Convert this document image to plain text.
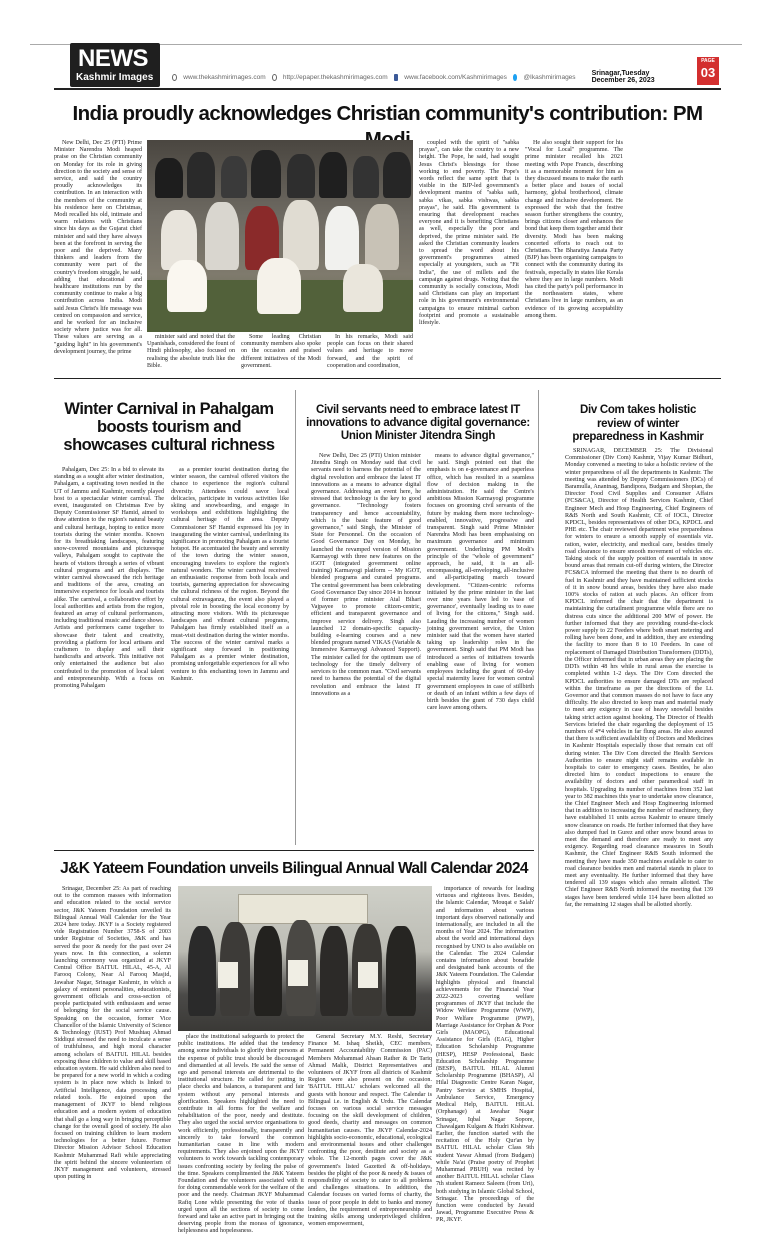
NEWS
Kashmir Images	www.thekashmirimages.com	http://epaper.thekashmirimages.com	www.facebook.com/Kashmirimages	@Ikashmirimages Srinagar,Tuesday December 26, 2023
PAGE
03
India proudly acknowledges Christian community's contribution: PM

New Delhi, Dec 25 (PTI) Prime Minister Narendra Modi heaped praise on the Christian community on Monday for its role in giving direction to the society and sense of service, and said the country proudly acknowledges its contribution. In an interaction with the members of the community at his residence here on Christmas, Modi recalled his old, intimate and warm relations with Christians since his days as the Gujarat chief minister and said they have always been at the forefront in serving the poor and the deprived. Many thinkers and leaders from the community were part of the country's freedom struggle, he said, adding that educational and healthcare institutions run by the community continue to make a big contribution across India. Modi said Jesus Christ's life message was centred on compassion and service, and he worked for an inclusive society where justice was for all. These values are serving as a "guiding light" in his government's development journey, the prime

minister said and noted that the Upanishads, considered the fount of Hindi philosophy, also focused on realising the absolute truth like the Bible.

Some leading Christian community members also spoke on the occasion and praised different initiatives of the Modi government.

In his remarks, Modi said people can focus on their shared values and heritage to move forward, and the spirit of cooperation and coordination,

coupled with the spirit of "sabka prayas", can take the country to a new height. The Pope, he said, had sought Jesus Christ's blessings for those working to end poverty. The Pope's words reflect the same spirit that is visible in the BJP-led government's development mantra of "sabka sath, sabka vikas, sabka vishwas, sabka prayas", he said. His government is ensuring that development reaches everyone and it is benefiting Christians as well, especially the poor and deprived, the prime minister said. He asked the Christian community leaders to spread the word about his government's programmes aimed especially at youngsters, such as "Fit India", the use of millets and the campaign against drugs. Noting that the community is socially conscious, Modi said Christians can play an important role in his government's environmental campaigns to ensure minimal carbon footprint and promote a sustainable lifestyle.

He also sought their support for his "Vocal for Local" programme. The prime minister recalled his 2021 meeting with Pope Francis, describing it as a memorable moment for him as they discussed means to make the earth a better place and issues of social harmony, global brotherhood, climate change and inclusive development. He expressed the wish that the festive season further strengthens the country, brings citizens closer and enhances the bond that keep them together amid their diversity. Modi has been making concerted efforts to reach out to Christians. The Bharatiya Janata Party (BJP) has been organising campaigns to connect with the community during its festivals, especially in states like Kerala where they are in large numbers. Modi has cited the party's poll performance in the northeastern states, where Christians live in large numbers, as an evidence of its growing acceptability among them.

Winter Carnival in Pahalgam boosts tourism and showcases cultural richness

Pahalgam, Dec 25: In a bid to elevate its standing as a sought after winter destination, Pahalgam, a captivating town nestled in the UT of Jammu and Kashmir, recently played host to a spectacular winter carnival. The event, inaugurated on Christmas Eve by Deputy Commissioner SF Hamid, aimed to draw attention to the region's natural beauty and cultural heritage, hoping to entice more tourists during the winter months. Known for its breathtaking landscapes, featuring snow-covered mountains and picturesque valleys, Pahalgam sought to captivate the hearts of visitors through a series of vibrant cultural programs and art displays. The winter carnival showcased the rich heritage and traditions of the area, creating an immersive experience for locals and tourists alike. The carnival, a collaborative effort by local authorities and artists from the region, featured an array of cultural performances, including traditional music and dance shows. Artists and performers came together to showcase their talent and creativity, providing a platform for local artisans and craftsmen to display and sell their handicrafts and artwork. This initiative not only entertained the audience but also contributed to the promotion of local talent and entrepreneurship. With a focus on promoting Pahalgam

as a premier tourist destination during the winter season, the carnival offered visitors the chance to experience the region's cultural diversity. Attendees could savor local delicacies, participate in various activities like skiing and snowboarding, and engage in workshops and exhibitions highlighting the cultural heritage of the area. Deputy Commissioner SF Hamid expressed his joy in inaugurating the winter carnival, underlining its significance in promoting Pahalgam as a tourist hotspot. He accentuated the beauty and serenity of the town during the winter season, encouraging travelers to explore the region's natural wonders. The winter carnival received an enthusiastic response from both locals and tourists, garnering appreciation for showcasing the cultural richness of the region. Beyond the cultural extravaganza, the event also played a pivotal role in boosting the local economy by attracting more visitors. With its picturesque landscapes and vibrant cultural programs, Pahalgam has firmly established itself as a must-visit destination during the winter months. The success of the winter carnival marks a significant step forward in positioning Pahalgam as a premier winter destination, promising unforgettable experiences for all who venture to this enchanting town in Jammu and Kashmir.

Civil servants need to embrace latest IT innovations to advance digital governance: Union Minister Jitendra Singh

New Delhi, Dec 25 (PTI) Union minister Jitendra Singh on Monday said that civil servants need to harness the potential of the digital revolution and embrace the latest IT innovations as a means to advance digital governance. Addressing an event here, he stressed that technology is the key to good governance. "Technology fosters transparency and hence accountability, which is the basic feature of good governance," said Singh, the Minister of State for Personnel. On the occasion of Good Governance Day on Monday, he launched the revamped version of Mission Karmayogi with three new features on the iGOT (integrated government online training) Karmayogi platform -- My iGOT, blended programs and curated programs. The central government has been celebrating Good Governance Day since 2014 in honour of former prime minister Atal Bihari Vajpayee to promote citizen-centric, efficient and transparent governance and improve service delivery. Singh also launched 12 domain-specific capacity-building e-learning courses and a new blended program named VIKAS (Variable & Immersive Karmayogi Advanced Support). The minister called for the optimum use of technology for the timely delivery of services to the common man. "Civil servants need to harness the potential of the digital revolution and embrace the latest IT innovations as a

means to advance digital governance," he said. Singh pointed out that the emphasis is on e-governance and paperless office, which has resulted in a seamless flow of decision making in the administration. He said the Centre's ambitious Mission Karmayogi programme focuses on grooming civil servants of the future by making them more technology-enabled, innovative, progressive and transparent. Singh said Prime Minister Narendra Modi has been emphasising on maximum governance and minimum government. Underlining PM Modi's principle of the "whole of government" approach, he said, it is an all-encompassing, all-enveloping, all-inclusive and all-participating march toward development. "Citizen-centric reforms initiated by the prime minister in the last over nine years have led to 'ease of governance', eventually leading us to ease of living for the citizens," Singh said. Lauding the increasing number of women joining government service, the Union minister said that the women have started taking up leadership roles in the government. Singh said that PM Modi has introduced a series of initiatives towards enabling ease of living for women employees including the grant of 60-day special maternity leave for women central government employees in case of stillbirth or death of an infant within a few days of birth besides the grant of 730 days child care leave among others.

Div Com takes holistic review of winter preparedness in Kashmir

SRINAGAR, DECEMBER 25: The Divisional Commissioner (Div Com) Kashmir, Vijay Kumar Bidhuri, Monday convened a meeting to take a holistic review of the winter preparedness of all the departments in Kashmir. The meeting was attended by Deputy Commissioners (DCs) of Baramulla, Anantnag, Bandipora, Budgam and Shopian, the Director Food Civil Supplies and Consumer Affairs (FCS&CA), Director of Health Services Kashmir, Chief Engineer Mech and Hosp Engineering, Chief Engineers of R&B North and South Kashmir, CE of IOCL, Director KPDCL, besides representatives of other DCs, KPDCL and PHE etc. The chair reviewed department wise preparedness for winters to ensure a smooth supply of essentials viz. ration, water, electricity, and medical care, besides timely road clearance to ensure smooth movement of vehicles etc. Taking stock of the supply position of essentials in snow bound areas that remain cut-off during winters, the Director FCS&CA informed the meeting that there is no dearth of fuel in Kashmir and they have maintained sufficient stocks of it in snow bound areas, besides they have also made 100% stocks of ration at such places. An officer from KPDCL informed the chair that the department is maintaining the curtailment programme while there are no distress cuts since the additional 200 MW of power. He further informed that they are providing round-the-clock power supply to 22 Feeders where both smart metering and rolling have been done, and in addition, they are extending the facility to more than 8 to 10 Feeders. In case of replacement of Damaged Distribution Transformers (DDTs), the Officer informed that in urban areas they are placing the DDTs within 48 hrs while in rural areas the exercise is completed within 1-2 days. The Div Com directed the KPDCL authorities to ensure damaged DTs are replaced within the timeframe as per the directions of the Lt. Governor and that common masses do not have to face any difficulty. He also directed to keep man and material ready to meet any exigency in case of heavy snowfall besides taking strict action against hooking. The Director of Health Services briefed the chair regarding the deployment of 15 numbers of 4*4 vehicles in far flung areas. He also assured that there is sufficient availability of Doctors and Medicines in Kashmir Hospitals especially those that remain cut off during winter. The Div Com directed the Health Services Authorities to ensure night staff remains available in hospitals to cater to emergency cases. Besides, he also directed him to conduct inspections to ensure the availability of doctors and other paramedical staff in hospitals. Upgrading its number of machines from 352 last year to 382 machines this year to undertake snow clearance, the Chief Engineer Mech and Hosp Engineering informed that in addition to increasing the number of machinery, they have established 11 units across Kashmir to ensure timely snow clearance on roads. He further informed that they have also dumped fuel in Gurez and other snow bound areas to meet the demand and therefore are ready to meet any exigency. Regarding road clearance measures in South Kashmir, the Chief Engineer R&B South informed the meeting they have made 350 machines available to cater to road clearance besides men and material stands in place to meet any eventuality. He further informed that they have tendered all 139 stages which also remain allotted. The Chief Engineer R&B North informed the meeting that 139 stages have been tendered while 114 have been allotted so far, the remaining 12 stages shall be allotted shortly.

J&K Yateem Foundation unveils Bilingual Annual Wall Calendar 2024

Srinagar, December 25: As part of reaching out to the common masses with information and education related to the social service sector, J&K Yateem Foundation unveiled its Bilingual Annual Wall Calendar for the Year 2024 here today. JKYF is a Society registered vide Registration Number 3758-S of 2003 under Registrar of Societies, J&K and has served the poor & needy for the past over 24 years now. In this connection, a solemn launching ceremony was organized at JKYF Central Office BAITUL HILAL, 45-A, Al Farooq Colony, Near Al Farooq Masjid, Jawahar Nagar, Srinagar Kashmir, in which a galaxy of eminent personalities, educationists, government officials and cross-section of people participated with enthusiasm and sense of belonging for the social service cause. Speaking on the occasion, former Vice Chancellor of the Islamic University of Science & Technology (IUST) Prof Mushtaq Ahmad Siddiqui stressed the need to inculcate a sense of truthfulness, and high moral character among scholars of BAITUL HILAL besides exposing these children to value and skill based education system. He said children also need to be prepared for a new world in which a coding system is in place now which is linked to Artificial Intelligence, data processing and related tools. He enjoined upon the management of JKYF to blend religious education and a modern system of education that shall go a long way in bringing perceptible change for the overall good of society. He also focused on training children to learn modern technologies for a better future. Former Director Mission Advisor School Education Kashmir Muhammad Rafi while appreciating the spirit behind the sincere volunteerism of JKYF management and volunteers, stressed upon putting in

place the institutional safeguards to protect the public institutions. He added that the tendency among some individuals to glorify their persons at the expense of public trust should be discouraged and dismantled at all levels. He said the sense of ego and personal interests are detrimental to the institutional structure. He called for putting in place checks and balances, a transparent and fair system without any personal interests and glorification. Speakers highlighted the need to contribute in all forms for the welfare and rehabilitation of the poor, needy and destitute. They also urged the social service organisations to work efficiently, professionally, transparently and sincerely to take forward the common humanitarian cause in line with modern requirements. They also enjoined upon the JKYF volunteers to work towards tackling contemporary issues confronting society by feeling the pulse of the time. Speakers complimented the J&K Yateem Foundation and the volunteers associated with it for doing commendable work for the welfare of the poor and the needy. Chairman JKYF Muhammad Rafiq Lone while presenting the vote of thanks urged upon all the sections of society to come forward and take an active part in bringing out the deserving people from the morass of ignorance, helplessness and hopelessness.

General Secretary M.Y. Reshi, Secretary Finance M. Ishaq Sheikh, CEC members, Permanent Accountability Commission (PAC) Members Mohammad Ahsan Rather & Dr Tariq Ahmad Malik, District Representatives and volunteers of JKYF from all districts of Kashmir Region were also present on the occasion. 'BAITUL HILAL' scholars welcomed all the guests with honour and respect. The Calendar is Bilingual i.e. in English & Urdu. The Calendar focuses on various social service messages focusing on the skill development of children, good deeds, charity and messages on common humanitarian causes. The JKYF Calendar-2024 highlights socio-economic, educational, ecological and environmental issues and other challenges confronting the poor, destitute and society as a whole. The 12-month pages cover the J&K government's listed Gazetted & off-holidays, besides the plight of the poor & needy & issues of responsibility of society to cater to all problems and challenges situations. In addition, the Calendar focuses on varied forms of charity, the issue of poor people in debt to banks and money lenders, the requirement of entrepreneurship and training skills among underprivileged children, women empowerment,

importance of rewards for leading virtuous and righteous lives. Besides, the Islamic Calendar, 'Mouqat e Salah' and information about various important days observed nationally and internationally, are included in all the months of Year 2024. The information about the world and international days recognised by UNO is also available on the Calendar. The 2024 Calendar contains information about bonafide and designated bank accounts of the J&K Yateem Foundation. The Calendar highlights physical and financial achievements for the Financial Year 2022-2023 covering welfare programmes of JKYF that include the Widow Welfare Programme (WWP), Poor Welfare Programme (PWP), Marriage Assistance for Orphan & Poor Girls (MAOPG), Educational Assistance for Girls (EAG), Higher Education Scholarship Programme (HESP), HESP Professional, Basic Education Scholarship Programme (BESP), BAITUL HILAL Alumni Scholarship Programme (BHASP), Al Hilal Diagnostic Centre Karan Nagar, Pantry Service at SMHS Hospital, Ambulance Service, Emergency Medical Help, BAITUL HILAL (Orphanage) at Jawahar Nagar Srinagar, Iqbal Nagar Sopore, Chawalgam Kulgam & Hudri Kishtwar. Earlier, the function started with the recitation of the Holy Qur'an by BAITUL HILAL scholar Class 9th student Yawar Ahmad (from Budgam) while Na'at (Praise poetry of Prophet Muhammad PBUH) was recited by another BAITUL HILAL scholar Class 7th student Rameez Saleem (from Uri), both studying in Islamic Global School, Srinagar. The proceedings of the function were conducted by Javaid Jawad, Programme Executive Press & PR, JKYF.
